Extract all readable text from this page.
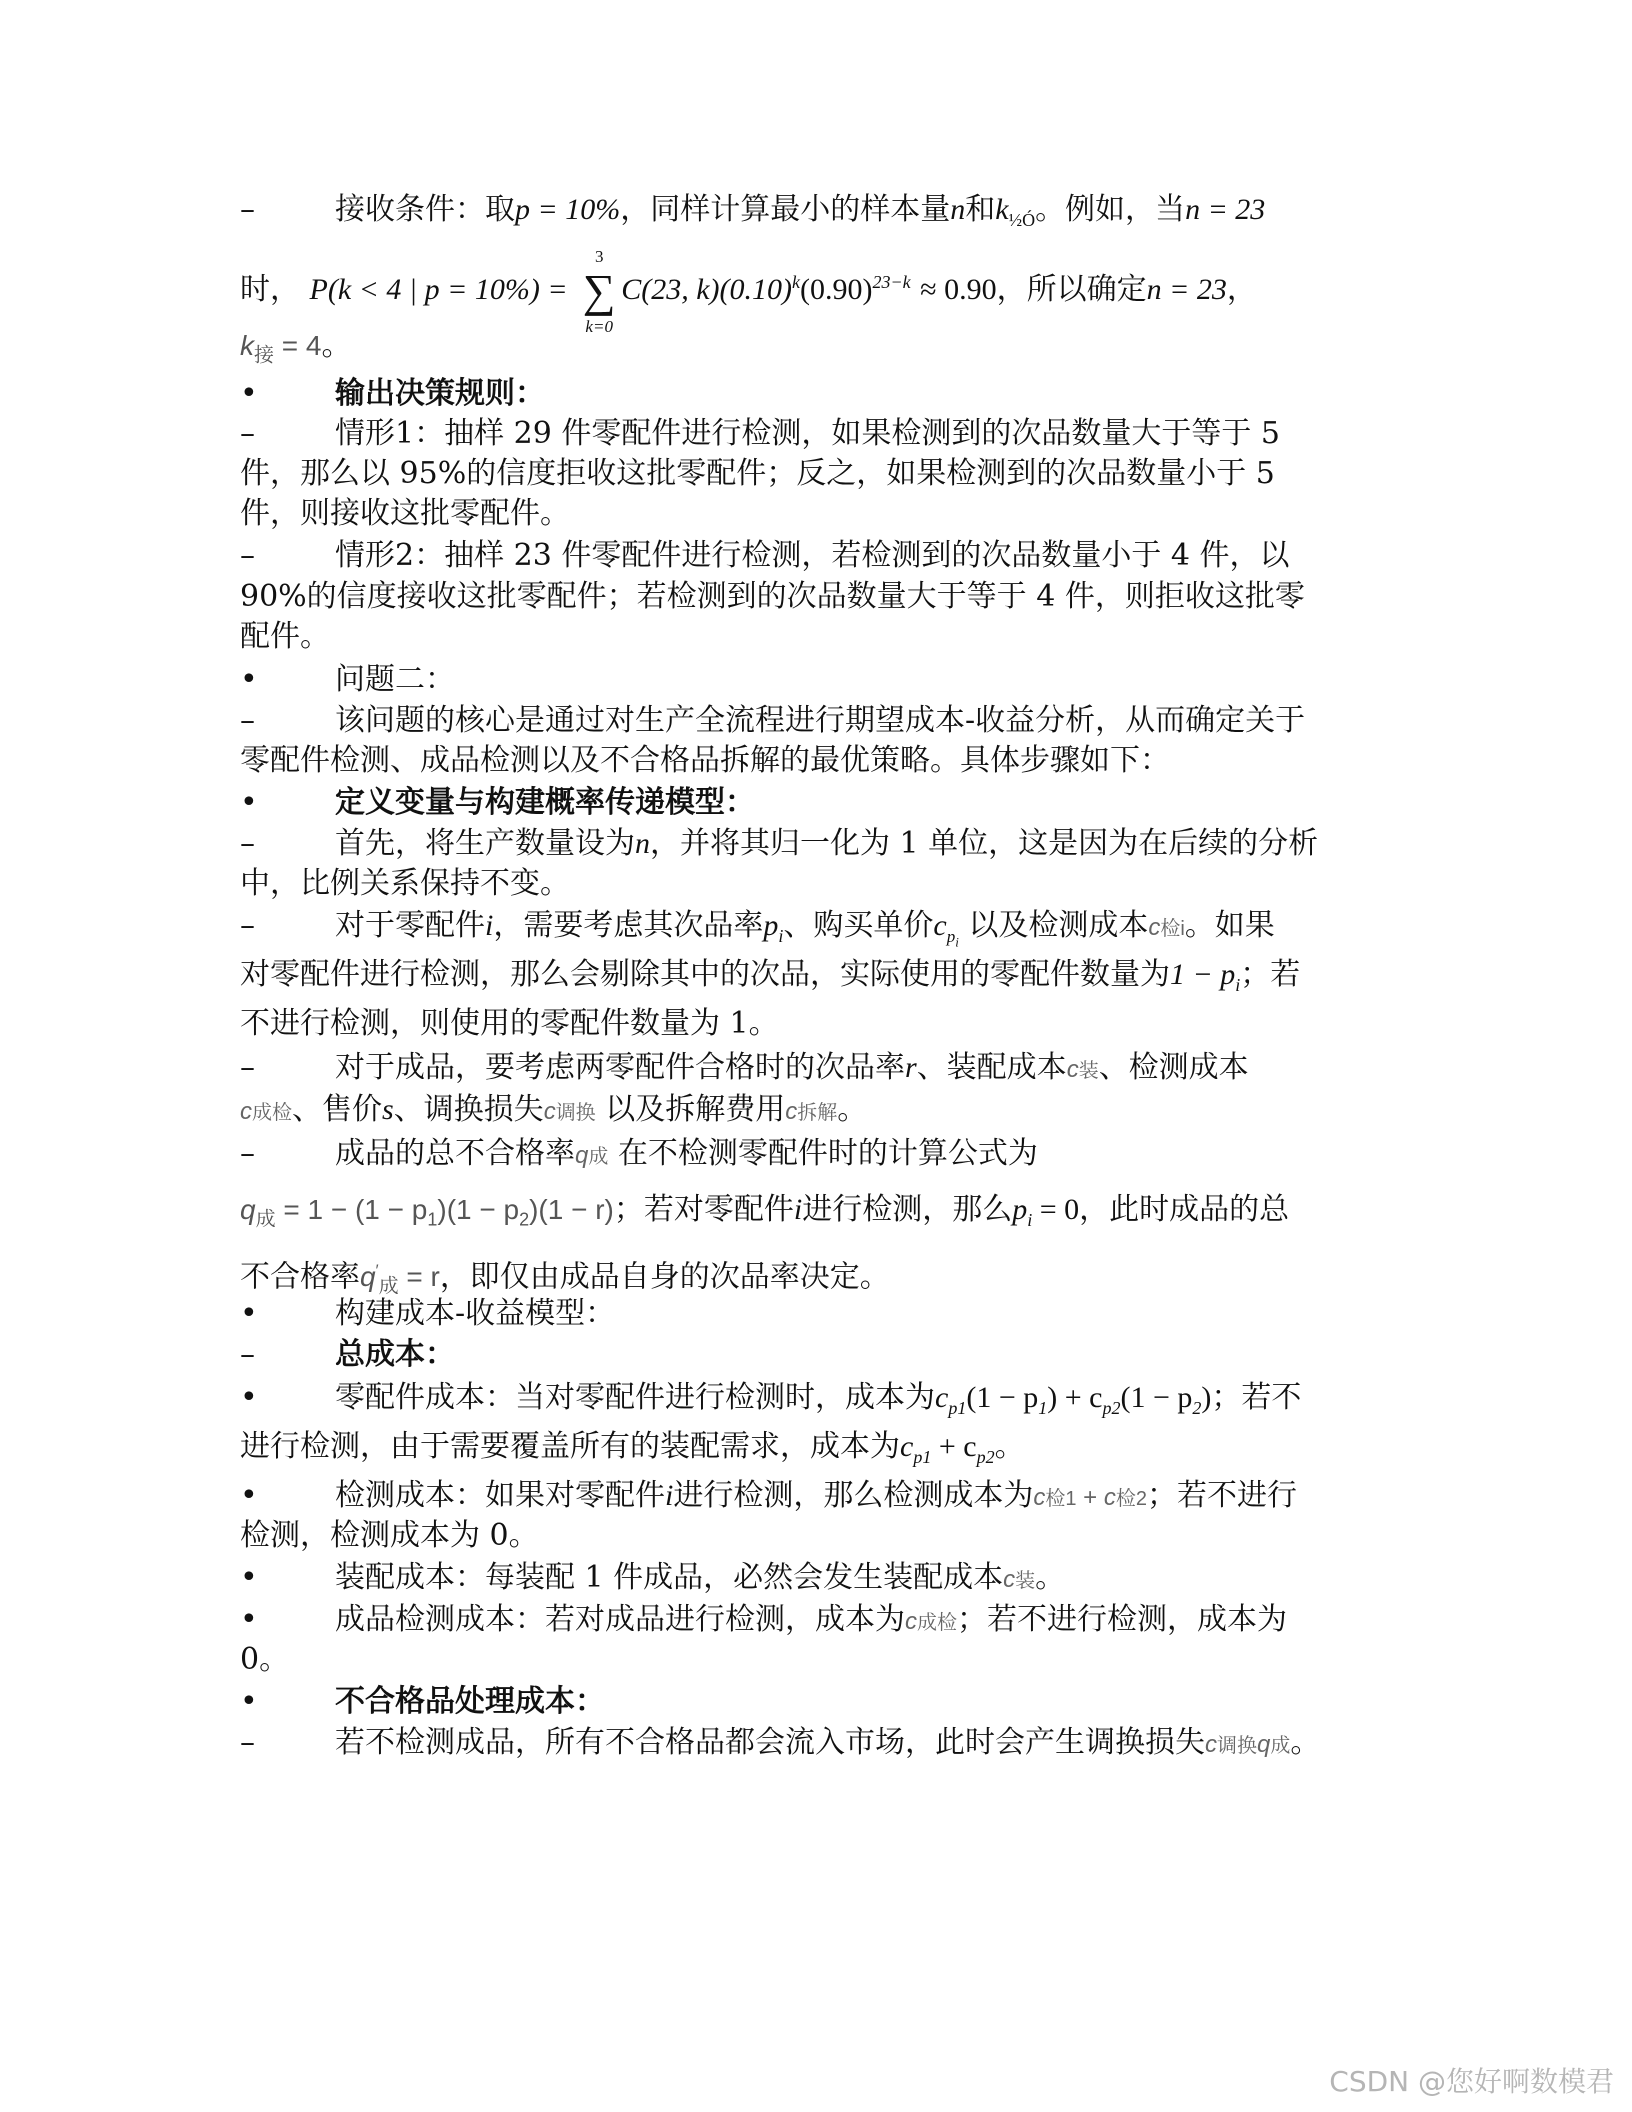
–	接收条件：取p = 10%，同样计算最小的样本量n和$k_{\frac{1}{2}Ó}$。例如，当n = 23
时， P(k < 4 | p = 10%) = ∑
3
k=0
C(23, $k)(0.10)^k(0.90)^{23-k} \approx 0.90$，所以确定n = 23，
$k_接 = 4$。
•	输出决策规则：
–	情形1：抽样 29 件零配件进行检测，如果检测到的次品数量大于等于 5
件，那么以 95%的信度拒收这批零配件；反之，如果检测到的次品数量小于 5
件，则接收这批零配件。
–	情形2：抽样 23 件零配件进行检测，若检测到的次品数量小于 4 件，以
90%的信度接收这批零配件；若检测到的次品数量大于等于 4 件，则拒收这批零
配件。
•	问题二：
–	该问题的核心是通过对生产全流程进行期望成本-收益分析，从而确定关于
零配件检测、成品检测以及不合格品拆解的最优策略。具体步骤如下：
•	定义变量与构建概率传递模型：
–	首先，将生产数量设为n，并将其归一化为 1 单位，这是因为在后续的分析
中，比例关系保持不变。
–	对于零配件i，需要考虑其次品率$p_i$、购买单价$c_{p_i}$ 以及检测成本c检i。如果
对零配件进行检测，那么会剔除其中的次品，实际使用的零配件数量为$1 - p_i$；若
不进行检测，则使用的零配件数量为 1。
–	对于成品，要考虑两零配件合格时的次品率r、装配成本c装、检测成本
c成检、售价s、调换损失c调换 以及拆解费用c拆解。
–	成品的总不合格率q成 在不检测零配件时的计算公式为
$q_成 = 1 - (1 - p_1)(1 - p_2)(1 - r)$；若对零配件i进行检测，那么$p_i = 0$，此时成品的总
不合格率$q'_成 = r$，即仅由成品自身的次品率决定。
•	构建成本-收益模型：
–	总成本：
•	零配件成本：当对零配件进行检测时，成本为$c_{p1}(1 - p_1) + c_{p2}(1 - p_2)$；若不
进行检测，由于需要覆盖所有的装配需求，成本为$c_{p1} + c_{p2}$。
•	检测成本：如果对零配件i进行检测，那么检测成本为c检1 + c检2；若不进行
检测，检测成本为 0。
•	装配成本：每装配 1 件成品，必然会发生装配成本c装。
•	成品检测成本：若对成品进行检测，成本为c成检；若不进行检测，成本为
0。
•	不合格品处理成本：
–	若不检测成品，所有不合格品都会流入市场，此时会产生调换损失c调换q成。
CSDN @您好啊数模君
